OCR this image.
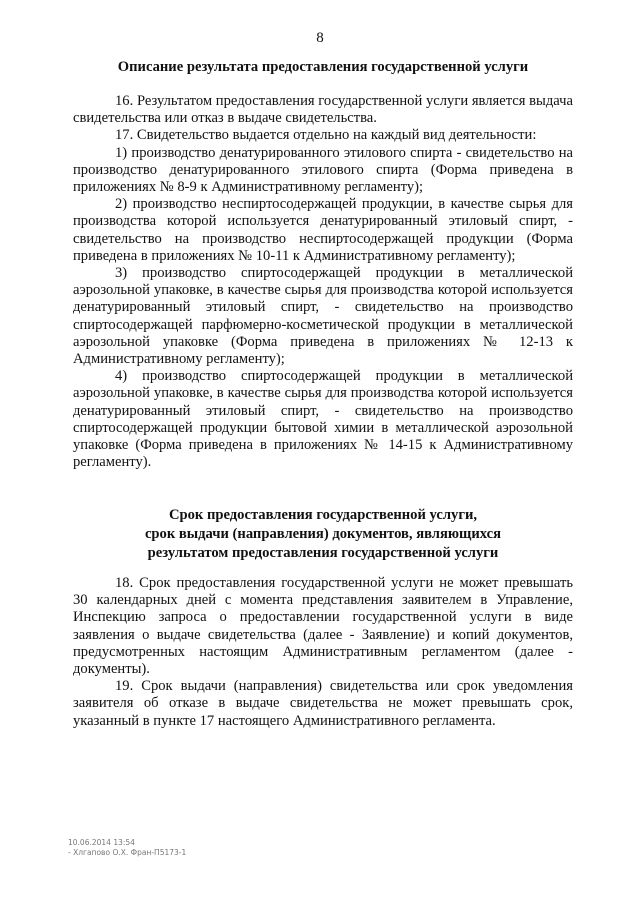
8
Описание результата предоставления государственной услуги

16. Результатом предоставления государственной услуги является выдача свидетельства или отказ в выдаче свидетельства.

17. Свидетельство выдается отдельно на каждый вид деятельности:

1) производство денатурированного этилового спирта - свидетельство на производство денатурированного этилового спирта (Форма приведена в приложениях № 8-9 к Административному регламенту);

2) производство неспиртосодержащей продукции, в качестве сырья для производства которой используется денатурированный этиловый спирт, - свидетельство на производство неспиртосодержащей продукции (Форма приведена в приложениях № 10-11 к Административному регламенту);

3) производство спиртосодержащей продукции в металлической аэрозольной упаковке, в качестве сырья для производства которой используется денатурированный этиловый спирт, - свидетельство на производство спиртосодержащей парфюмерно-косметической продукции в металлической аэрозольной упаковке (Форма приведена в приложениях № 12-13 к Административному регламенту);

4) производство спиртосодержащей продукции в металлической аэрозольной упаковке, в качестве сырья для производства которой используется денатурированный этиловый спирт, - свидетельство на производство спиртосодержащей продукции бытовой химии в металлической аэрозольной упаковке (Форма приведена в приложениях № 14-15 к Административному регламенту).

Срок предоставления государственной услуги,
срок выдачи (направления) документов, являющихся
результатом предоставления государственной услуги

18. Срок предоставления государственной услуги не может превышать 30 календарных дней с момента представления заявителем в Управление, Инспекцию запроса о предоставлении государственной услуги в виде заявления о выдаче свидетельства (далее - Заявление) и копий документов, предусмотренных настоящим Административным регламентом (далее - документы).

19. Срок выдачи (направления) свидетельства или срок уведомления заявителя об отказе в выдаче свидетельства не может превышать срок, указанный в пункте 17 настоящего Административного регламента.

10.06.2014 13:54
- Хлгапово О.Х. Фран-П5173-1
